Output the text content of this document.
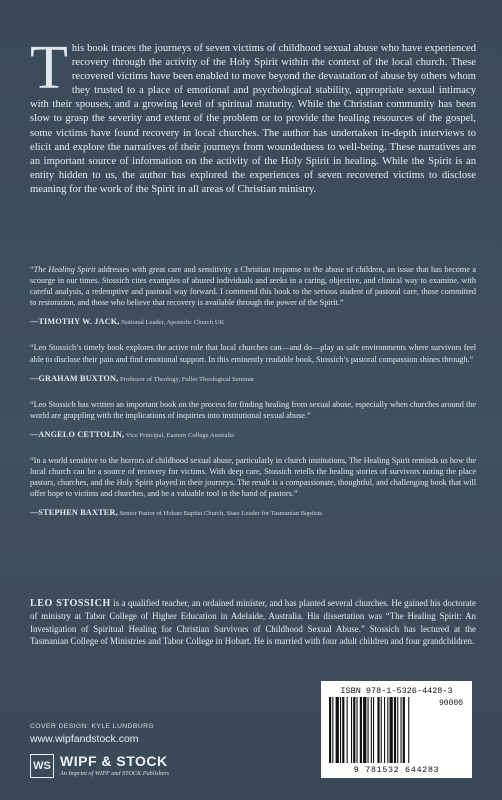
This book traces the journeys of seven victims of childhood sexual abuse who have experienced recovery through the activity of the Holy Spirit within the context of the local church. These recovered victims have been enabled to move beyond the devastation of abuse by others whom they trusted to a place of emotional and psychological stability, appropriate sexual intimacy with their spouses, and a growing level of spiritual maturity. While the Christian community has been slow to grasp the severity and extent of the problem or to provide the healing resources of the gospel, some victims have found recovery in local churches. The author has undertaken in-depth interviews to elicit and explore the narratives of their journeys from woundedness to well-being. These narratives are an important source of information on the activity of the Holy Spirit in healing. While the Spirit is an entity hidden to us, the author has explored the experiences of seven recovered victims to disclose meaning for the work of the Spirit in all areas of Christian ministry.
“The Healing Spirit addresses with great care and sensitivity a Christian response to the abuse of children, an issue that has become a scourge in our times. Stossich cites examples of abused individuals and seeks in a caring, objective, and clinical way to examine, with careful analysis, a redemptive and pastoral way forward. I commend this book to the serious student of pastoral care, those committed to restoration, and those who believe that recovery is available through the power of the Spirit.”
—TIMOTHY W. JACK, National Leader, Apostolic Church UK
“Leo Stossich’s timely book explores the active role that local churches can—and do—play as safe environments where survivors feel able to disclose their pain and find emotional support. In this eminently readable book, Stossich’s pastoral compassion shines through.”
—GRAHAM BUXTON, Professor of Theology, Fuller Theological Seminar
“Leo Stossich has written an important book on the process for finding healing from sexual abuse, especially when churches around the world are grappling with the implications of inquiries into institutional sexual abuse.”
—ANGELO CETTOLIN, Vice Principal, Eastern College Australia
“In a world sensitive to the horrors of childhood sexual abuse, particularly in church institutions, The Healing Spirit reminds us how the local church can be a source of recovery for victims. With deep care, Stossich retells the healing stories of survivors noting the place pastors, churches, and the Holy Spirit played in their journeys. The result is a compassionate, thoughtful, and challenging book that will offer hope to victims and churches, and be a valuable tool in the hand of pastors.”
—STEPHEN BAXTER, Senior Pastor of Hobart Baptist Church, State Leader for Tasmanian Baptists
LEO STOSSICH is a qualified teacher, an ordained minister, and has planted several churches. He gained his doctorate of ministry at Tabor College of Higher Education in Adelaide, Australia. His dissertation was “The Healing Spirit: An Investigation of Spiritual Healing for Christian Survivors of Childhood Sexual Abuse.” Stossich has lectured at the Tasmanian College of Ministries and Tabor College in Hobart. He is married with four adult children and four grandchildren.
COVER DESIGN: KYLE LUNDBURG
www.wipfandstock.com
WS WIPF & STOCK
An Imprint of WIPF and STOCK Publishers
ISBN 978-1-5326-4428-3
90000
9 781532 644283
